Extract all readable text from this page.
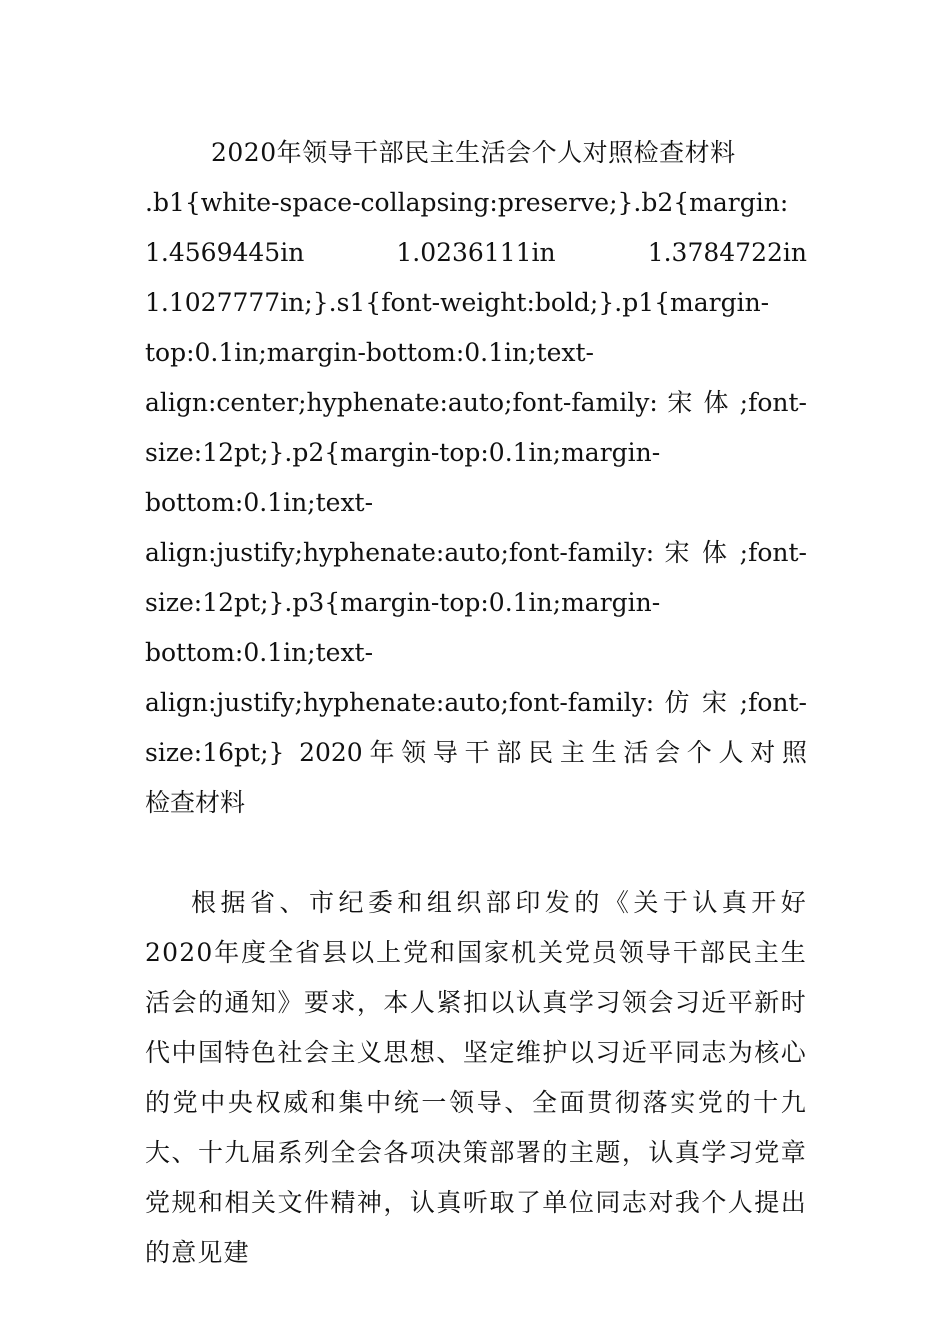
2020年领导干部民主生活会个人对照检查材料
.b1{white-space-collapsing:preserve;}.b2{margin:
1.4569445in 1.0236111in 1.3784722in
1.1027777in;}.s1{font-weight:bold;}.p1{margin-
top:0.1in;margin-bottom:0.1in;text-
align:center;hyphenate:auto;font-family: 宋 体 ;font-
size:12pt;}.p2{margin-top:0.1in;margin-
bottom:0.1in;text-
align:justify;hyphenate:auto;font-family: 宋 体 ;font-
size:12pt;}.p3{margin-top:0.1in;margin-
bottom:0.1in;text-
align:justify;hyphenate:auto;font-family: 仿 宋 ;font-
size:16pt;} 2020年领导干部民主生活会个人对照
检查材料

根据省、市纪委和组织部印发的《关于认真开好2020年度全省县以上党和国家机关党员领导干部民主生活会的通知》要求，本人紧扣以认真学习领会习近平新时代中国特色社会主义思想、坚定维护以习近平同志为核心的党中央权威和集中统一领导、全面贯彻落实党的十九大、十九届系列全会各项决策部署的主题，认真学习党章党规和相关文件精神，认真听取了单位同志对我个人提出的意见建
